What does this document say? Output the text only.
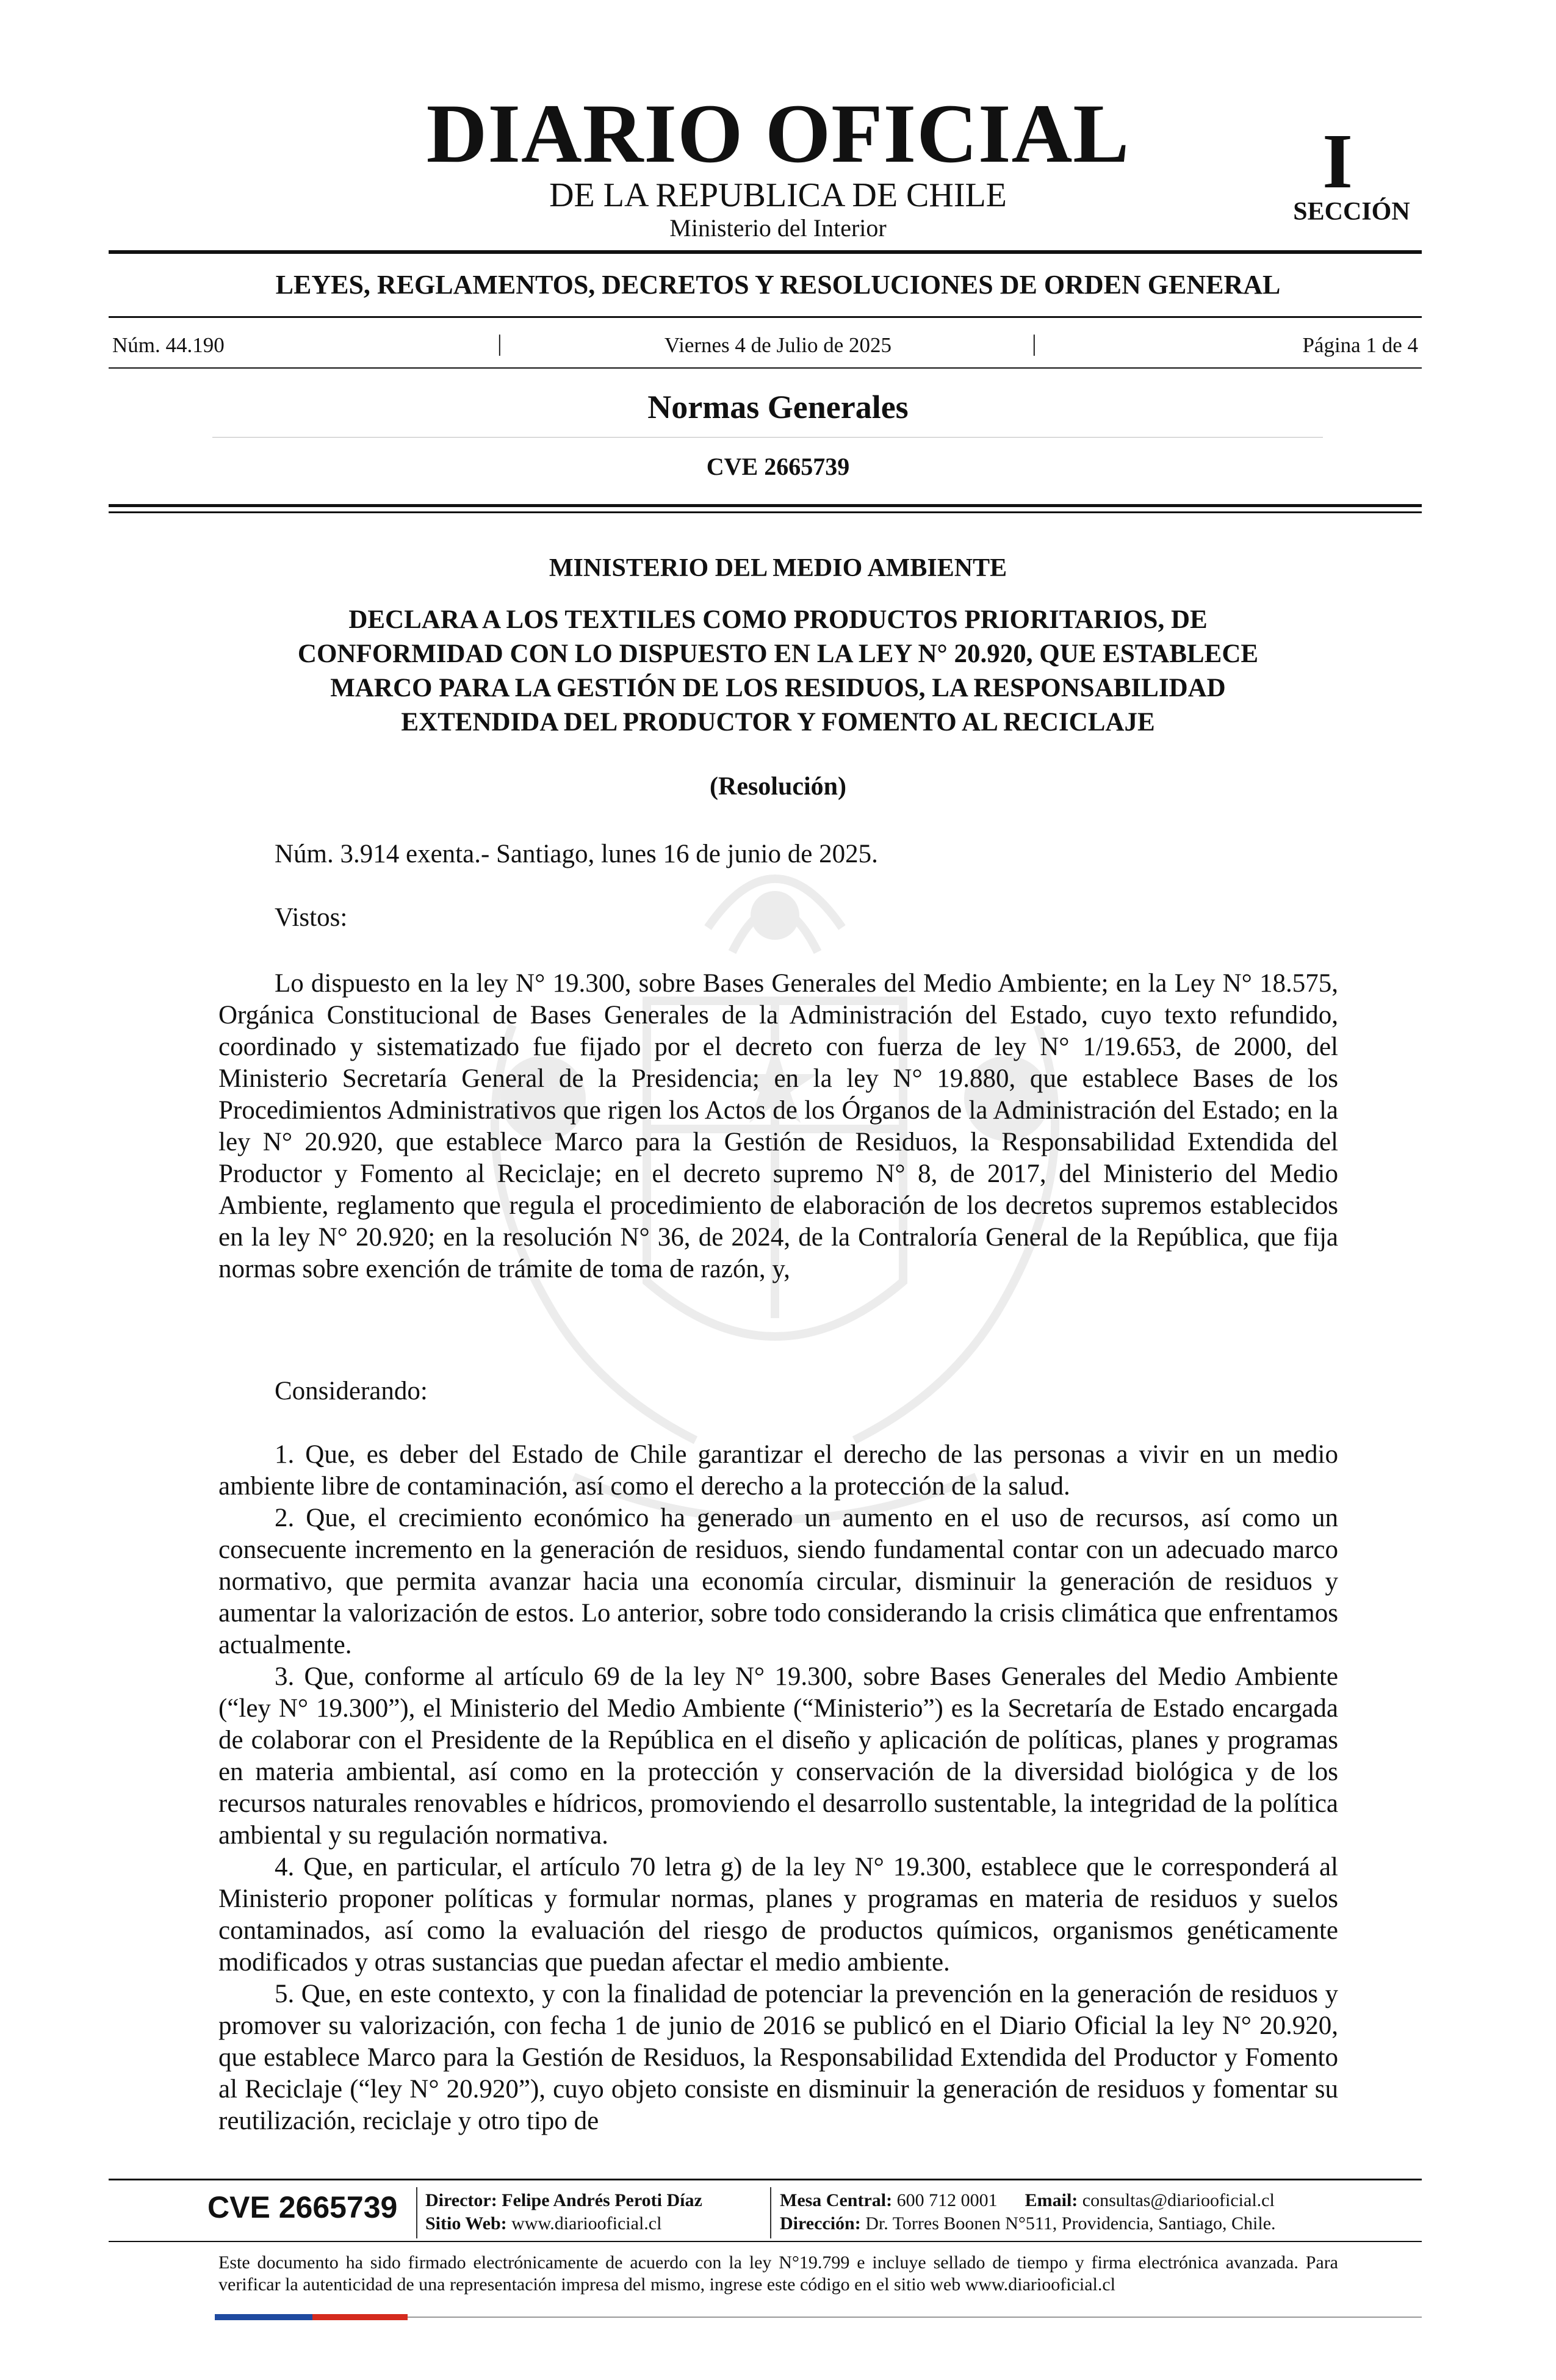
DIARIO OFICIAL
DE LA REPUBLICA DE CHILE
Ministerio del Interior
I
SECCIÓN
LEYES, REGLAMENTOS, DECRETOS Y RESOLUCIONES DE ORDEN GENERAL
Núm. 44.190	|	Viernes 4 de Julio de 2025	|	Página 1 de 4
Normas Generales
CVE 2665739
MINISTERIO DEL MEDIO AMBIENTE
DECLARA A LOS TEXTILES COMO PRODUCTOS PRIORITARIOS, DE
CONFORMIDAD CON LO DISPUESTO EN LA LEY N° 20.920, QUE ESTABLECE
MARCO PARA LA GESTIÓN DE LOS RESIDUOS, LA RESPONSABILIDAD
EXTENDIDA DEL PRODUCTOR Y FOMENTO AL RECICLAJE
(Resolución)
Núm. 3.914 exenta.- Santiago, lunes 16 de junio de 2025.
Vistos:

Lo dispuesto en la ley N° 19.300, sobre Bases Generales del Medio Ambiente; en la Ley N° 18.575, Orgánica Constitucional de Bases Generales de la Administración del Estado, cuyo texto refundido, coordinado y sistematizado fue fijado por el decreto con fuerza de ley N° 1/19.653, de 2000, del Ministerio Secretaría General de la Presidencia; en la ley N° 19.880, que establece Bases de los Procedimientos Administrativos que rigen los Actos de los Órganos de la Administración del Estado; en la ley N° 20.920, que establece Marco para la Gestión de Residuos, la Responsabilidad Extendida del Productor y Fomento al Reciclaje; en el decreto supremo N° 8, de 2017, del Ministerio del Medio Ambiente, reglamento que regula el procedimiento de elaboración de los decretos supremos establecidos en la ley N° 20.920; en la resolución N° 36, de 2024, de la Contraloría General de la República, que fija normas sobre exención de trámite de toma de razón, y,

Considerando:

1. Que, es deber del Estado de Chile garantizar el derecho de las personas a vivir en un medio ambiente libre de contaminación, así como el derecho a la protección de la salud.

2. Que, el crecimiento económico ha generado un aumento en el uso de recursos, así como un consecuente incremento en la generación de residuos, siendo fundamental contar con un adecuado marco normativo, que permita avanzar hacia una economía circular, disminuir la generación de residuos y aumentar la valorización de estos. Lo anterior, sobre todo considerando la crisis climática que enfrentamos actualmente.

3. Que, conforme al artículo 69 de la ley N° 19.300, sobre Bases Generales del Medio Ambiente (“ley N° 19.300”), el Ministerio del Medio Ambiente (“Ministerio”) es la Secretaría de Estado encargada de colaborar con el Presidente de la República en el diseño y aplicación de políticas, planes y programas en materia ambiental, así como en la protección y conservación de la diversidad biológica y de los recursos naturales renovables e hídricos, promoviendo el desarrollo sustentable, la integridad de la política ambiental y su regulación normativa.

4. Que, en particular, el artículo 70 letra g) de la ley N° 19.300, establece que le corresponderá al Ministerio proponer políticas y formular normas, planes y programas en materia de residuos y suelos contaminados, así como la evaluación del riesgo de productos químicos, organismos genéticamente modificados y otras sustancias que puedan afectar el medio ambiente.

5. Que, en este contexto, y con la finalidad de potenciar la prevención en la generación de residuos y promover su valorización, con fecha 1 de junio de 2016 se publicó en el Diario Oficial la ley N° 20.920, que establece Marco para la Gestión de Residuos, la Responsabilidad Extendida del Productor y Fomento al Reciclaje (“ley N° 20.920”), cuyo objeto consiste en disminuir la generación de residuos y fomentar su reutilización, reciclaje y otro tipo de

CVE 2665739 Director: Felipe Andrés Peroti Díaz
Sitio Web: www.diariooficial.cl
Mesa Central: 600 712 0001 Email: consultas@diariooficial.cl
Dirección: Dr. Torres Boonen N°511, Providencia, Santiago, Chile.
Este documento ha sido firmado electrónicamente de acuerdo con la ley N°19.799 e incluye sellado de tiempo y firma electrónica avanzada. Para verificar la autenticidad de una representación impresa del mismo, ingrese este código en el sitio web www.diariooficial.cl
